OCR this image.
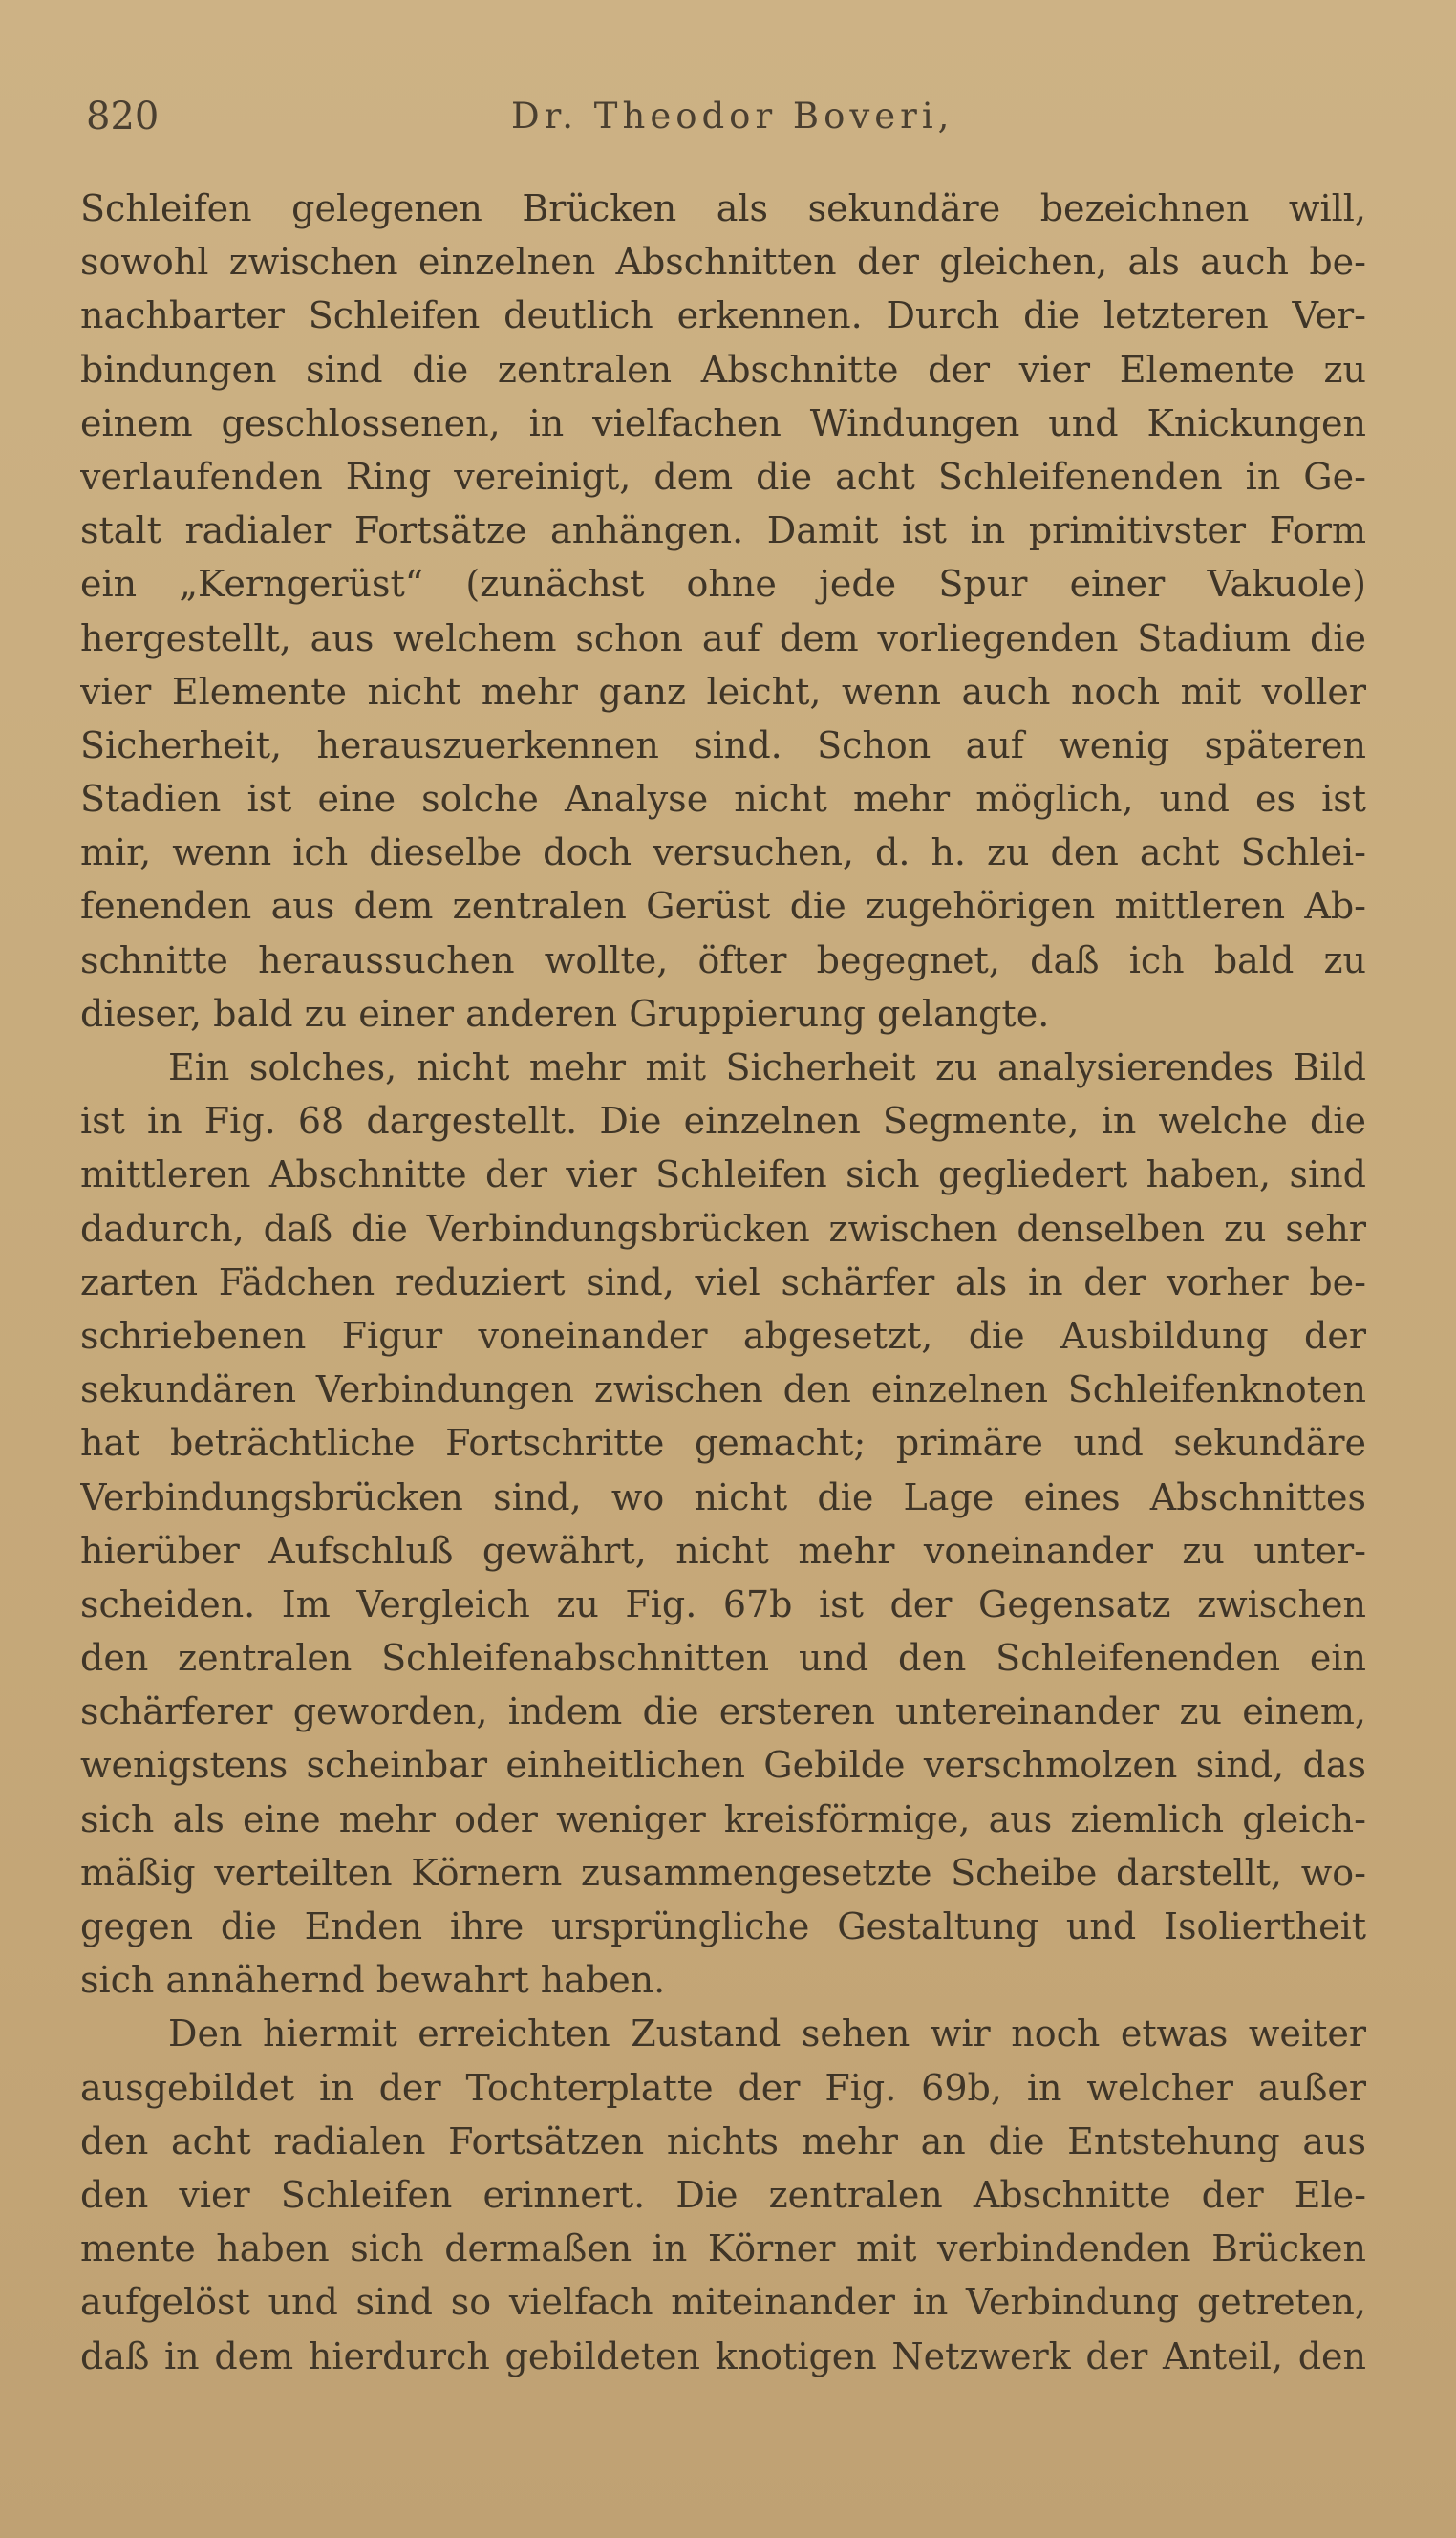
820	Dr. Theodor Boveri,
Schleifen gelegenen Brücken als sekundäre bezeichnen will,
sowohl zwischen einzelnen Abschnitten der gleichen, als auch be-
nachbarter Schleifen deutlich erkennen. Durch die letzteren Ver-
bindungen sind die zentralen Abschnitte der vier Elemente zu
einem geschlossenen, in vielfachen Windungen und Knickungen
verlaufenden Ring vereinigt, dem die acht Schleifenenden in Ge-
stalt radialer Fortsätze anhängen. Damit ist in primitivster Form
ein „Kerngerüst“ (zunächst ohne jede Spur einer Vakuole)
hergestellt, aus welchem schon auf dem vorliegenden Stadium die
vier Elemente nicht mehr ganz leicht, wenn auch noch mit voller
Sicherheit, herauszuerkennen sind. Schon auf wenig späteren
Stadien ist eine solche Analyse nicht mehr möglich, und es ist
mir, wenn ich dieselbe doch versuchen, d. h. zu den acht Schlei-
fenenden aus dem zentralen Gerüst die zugehörigen mittleren Ab-
schnitte heraussuchen wollte, öfter begegnet, daß ich bald zu
dieser, bald zu einer anderen Gruppierung gelangte.
Ein solches, nicht mehr mit Sicherheit zu analysierendes Bild
ist in Fig. 68 dargestellt. Die einzelnen Segmente, in welche die
mittleren Abschnitte der vier Schleifen sich gegliedert haben, sind
dadurch, daß die Verbindungsbrücken zwischen denselben zu sehr
zarten Fädchen reduziert sind, viel schärfer als in der vorher be-
schriebenen Figur voneinander abgesetzt, die Ausbildung der
sekundären Verbindungen zwischen den einzelnen Schleifenknoten
hat beträchtliche Fortschritte gemacht; primäre und sekundäre
Verbindungsbrücken sind, wo nicht die Lage eines Abschnittes
hierüber Aufschluß gewährt, nicht mehr voneinander zu unter-
scheiden. Im Vergleich zu Fig. 67b ist der Gegensatz zwischen
den zentralen Schleifenabschnitten und den Schleifenenden ein
schärferer geworden, indem die ersteren untereinander zu einem,
wenigstens scheinbar einheitlichen Gebilde verschmolzen sind, das
sich als eine mehr oder weniger kreisförmige, aus ziemlich gleich-
mäßig verteilten Körnern zusammengesetzte Scheibe darstellt, wo-
gegen die Enden ihre ursprüngliche Gestaltung und Isoliertheit
sich annähernd bewahrt haben.
Den hiermit erreichten Zustand sehen wir noch etwas weiter
ausgebildet in der Tochterplatte der Fig. 69b, in welcher außer
den acht radialen Fortsätzen nichts mehr an die Entstehung aus
den vier Schleifen erinnert. Die zentralen Abschnitte der Ele-
mente haben sich dermaßen in Körner mit verbindenden Brücken
aufgelöst und sind so vielfach miteinander in Verbindung getreten,
daß in dem hierdurch gebildeten knotigen Netzwerk der Anteil, den
